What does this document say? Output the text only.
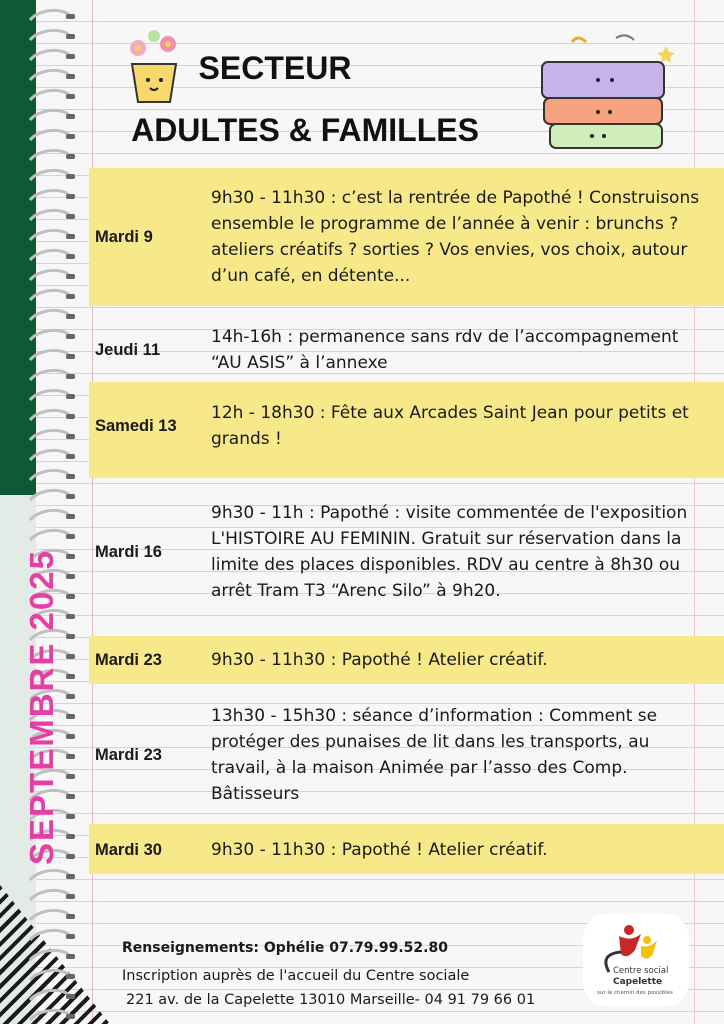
SEPTEMBRE 2025
SECTEUR
ADULTES & FAMILLES
Mardi 9
9h30 - 11h30 : c’est la rentrée de Papothé ! Construisons ensemble le programme de l’année à venir : brunchs ? ateliers créatifs ? sorties ? Vos envies, vos choix, autour d’un café, en détente...
Jeudi 11
14h-16h : permanence sans rdv de l’accompagnement “AU ASIS” à l’annexe
Samedi 13
12h - 18h30 : Fête aux Arcades Saint Jean pour petits et grands !
Mardi 16
9h30 - 11h : Papothé : visite commentée de l'exposition L'HISTOIRE AU FEMININ. Gratuit sur réservation dans la limite des places disponibles. RDV au centre à 8h30 ou arrêt Tram T3 “Arenc Silo” à 9h20.
Mardi 23	9h30 - 11h30 : Papothé ! Atelier créatif.
Mardi 23
13h30 - 15h30 : séance d’information : Comment se protéger des punaises de lit dans les transports, au travail, à la maison Animée par l’asso des Comp. Bâtisseurs
Mardi 30	9h30 - 11h30 : Papothé ! Atelier créatif.
Renseignements: Ophélie 07.79.99.52.80
Inscription auprès de l'accueil du Centre sociale
221 av. de la Capelette 13010 Marseille- 04 91 79 66 01
Centre social
Capelette
sur le chemin des possibles
